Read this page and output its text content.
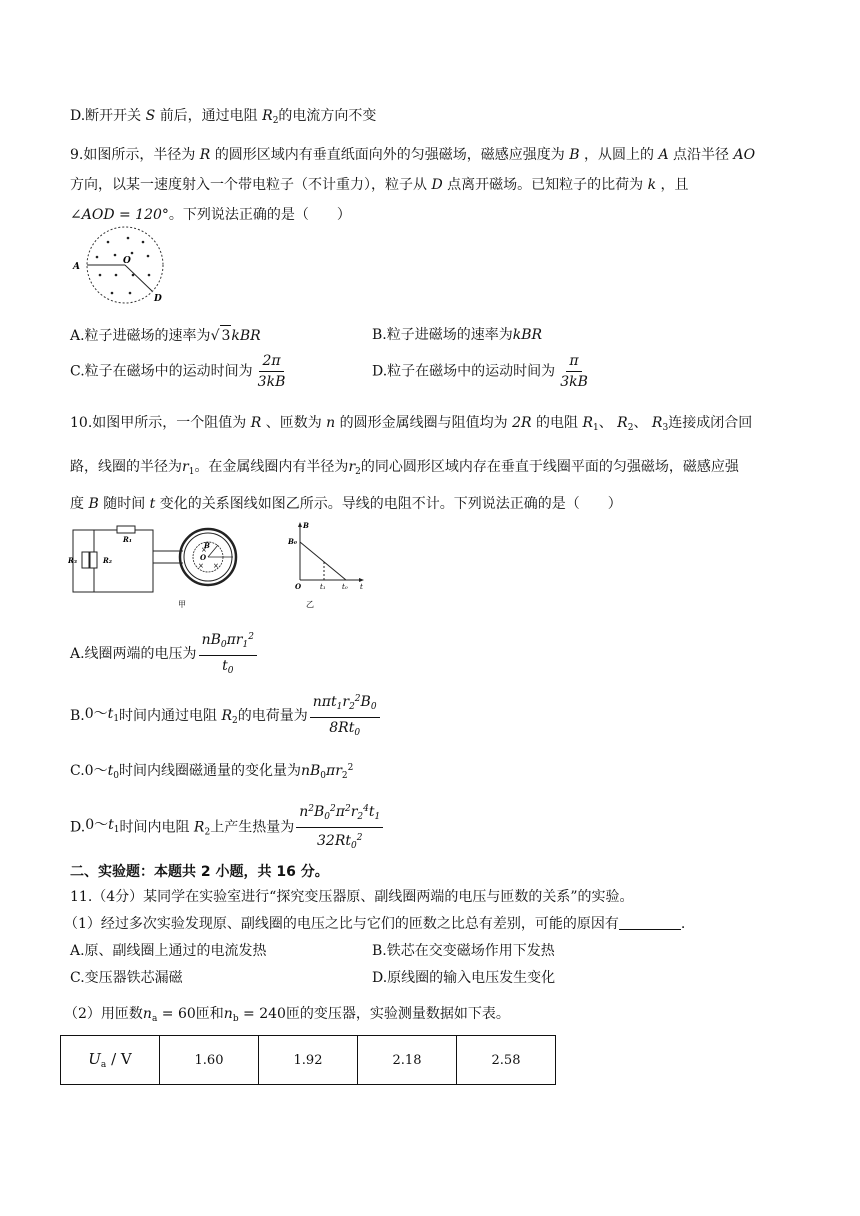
D.断开开关 S 前后，通过电阻 $R_2$的电流方向不变
9.如图所示，半径为 R 的圆形区域内有垂直纸面向外的匀强磁场，磁感应强度为 B ，从圆上的 A 点沿半径 AO
方向，以某一速度射入一个带电粒子（不计重力），粒子从 D 点离开磁场。已知粒子的比荷为 k ，且
∠AOD = 120°。下列说法正确的是（　　）
A
O
D
A.粒子进磁场的速率为√ 3kBR	B.粒子进磁场的速率为kBR
C.粒子在磁场中的运动时间为 $\frac{2\pi}{3kB}$	D.粒子在磁场中的运动时间为 $\frac{\pi}{3kB}$
10.如图甲所示，一个阻值为 R 、匝数为 n 的圆形金属线圈与阻值均为 2R 的电阻 $R_1$、 $R_2$、 $R_3$连接成闭合回
路，线圈的半径为$r_1$。在金属线圈内有半径为$r_2$的同心圆形区域内存在垂直于线圈平面的匀强磁场，磁感应强
度 B 随时间 t 变化的关系图线如图乙所示。导线的电阻不计。下列说法正确的是（　　）
×
×
×
R₃	R₂
R₁
B
O
甲
B
B₀
O	t₁ t₀ t
乙
A.线圈两端的电压为 $\frac{nB_0\pi r_1^2}{t_0}$
$B.0\sim t_1$时间内通过电阻 $R_2$的电荷量为 $\frac{n\pi t_1r_2^2B_0}{8Rt_0}$
$C.0\sim t_0$时间内线圈磁通量的变化量为$nB_0\pi r_2^2$
$D.0\sim t_1$时间内电阻 $R_2$上产生热量为 $\frac{n^2B_0^2\pi^2r_2^4t_1}{32Rt_0^2}$
二、实验题：本题共 2 小题，共 16 分。
11.（4分）某同学在实验室进行“探究变压器原、副线圈两端的电压与匝数的关系”的实验。
（1）经过多次实验发现原、副线圈的电压之比与它们的匝数之比总有差别，可能的原因有	.
A.原、副线圈上通过的电流发热	B.铁芯在交变磁场作用下发热
C.变压器铁芯漏磁	D.原线圈的输入电压发生变化
（2）用匝数$n_a = 60$匝和$n_b = 240$匝的变压器，实验测量数据如下表。
$U_a$ / V	1.60	1.92	2.18	2.58
